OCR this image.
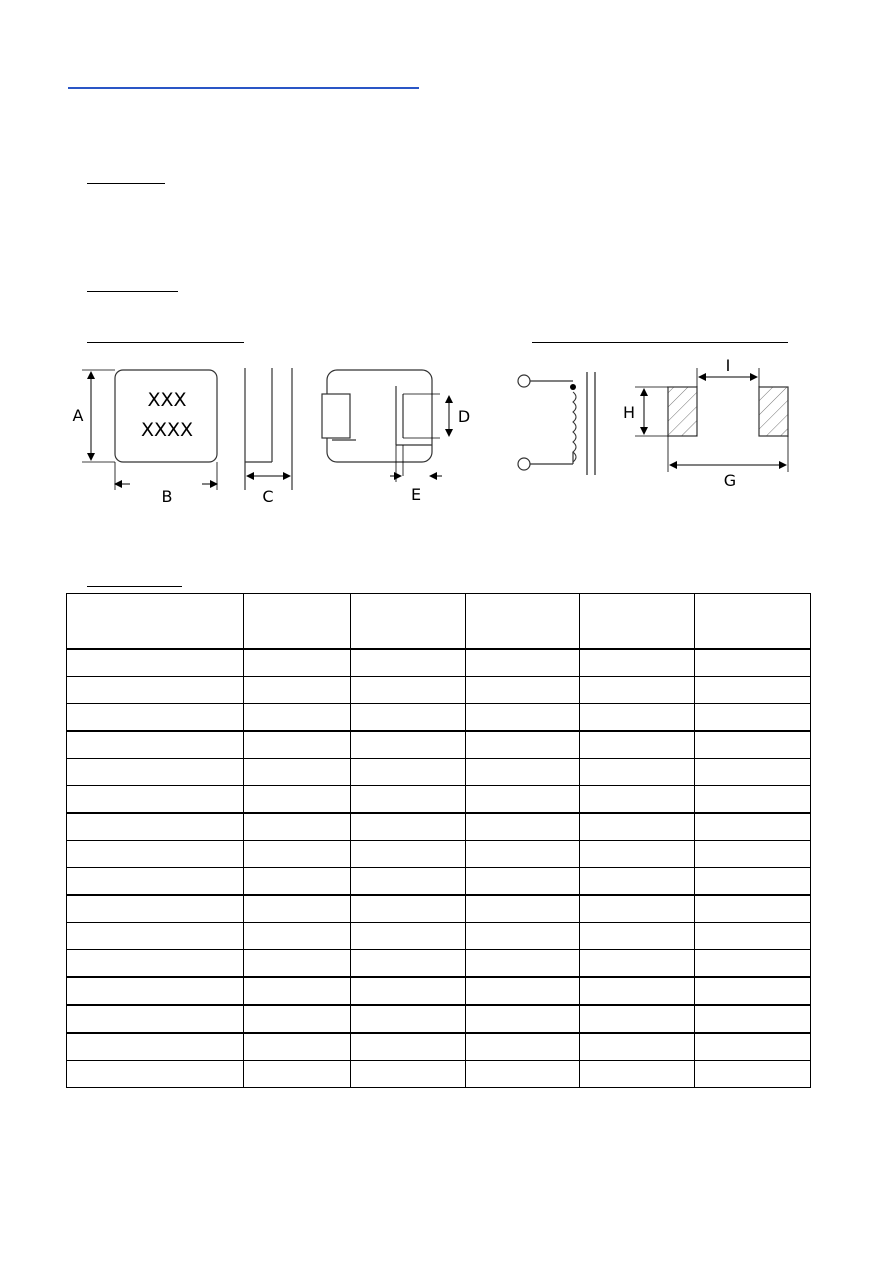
XXX
XXXX
A
B	C
D
E
H
I
G
